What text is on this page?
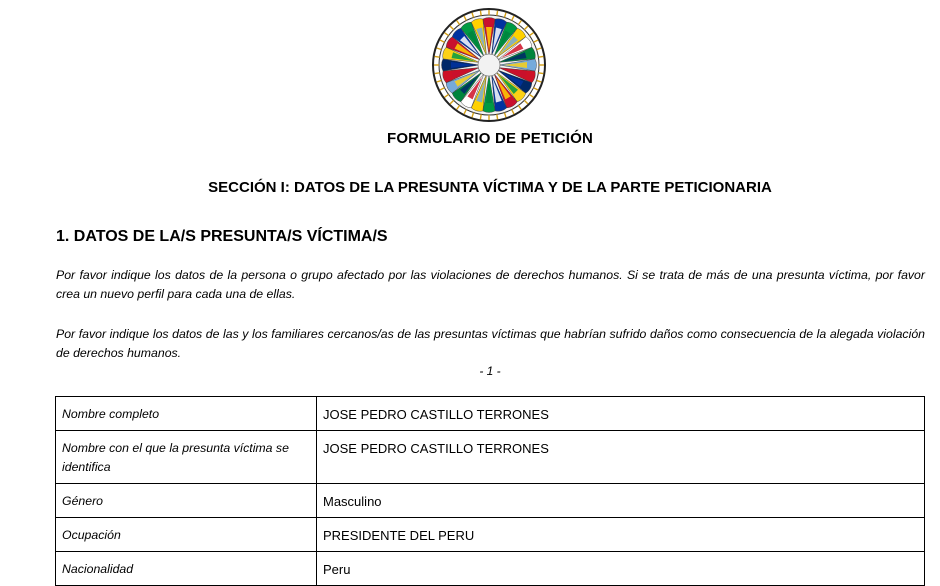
FORMULARIO DE PETICIÓN
SECCIÓN I: DATOS DE LA PRESUNTA VÍCTIMA Y DE LA PARTE PETICIONARIA
1. DATOS DE LA/S PRESUNTA/S VÍCTIMA/S
Por favor indique los datos de la persona o grupo afectado por las violaciones de derechos humanos. Si se trata de más de una presunta víctima, por favor crea un nuevo perfil para cada una de ellas.
Por favor indique los datos de las y los familiares cercanos/as de las presuntas víctimas que habrían sufrido daños como consecuencia de la alegada violación de derechos humanos.
- 1 -
Nombre completo	JOSE PEDRO CASTILLO TERRONES
Nombre con el que la presunta víctima se identifica	JOSE PEDRO CASTILLO TERRONES
Género	Masculino
Ocupación	PRESIDENTE DEL PERU
Nacionalidad	Peru
